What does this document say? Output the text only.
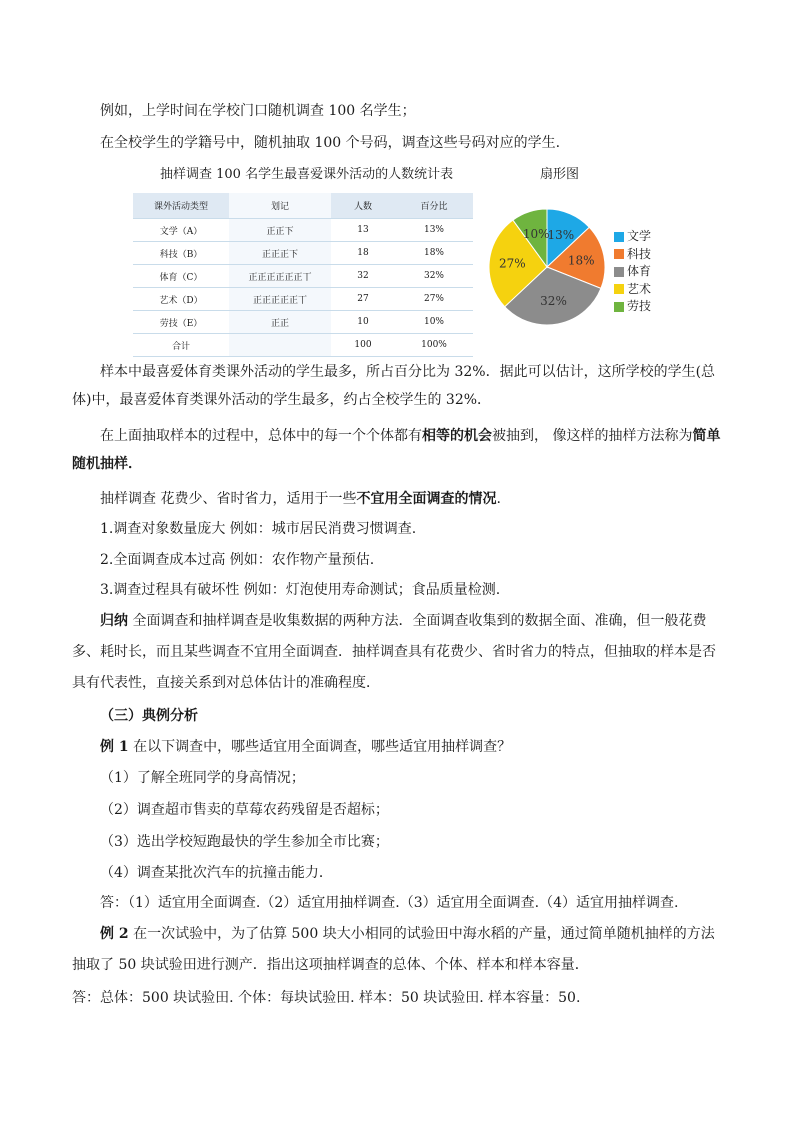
例如，上学时间在学校门口随机调查 100 名学生；
在全校学生的学籍号中，随机抽取 100 个号码，调查这些号码对应的学生.
抽样调查 100 名学生最喜爱课外活动的人数统计表	扇形图
课外活动类型	划记	人数	百分比
文学（A）	正正下	13	13%
科技（B）	正正正下	18	18%
体育（C）	正正正正正正丅	32	32%
艺术（D）	正正正正正丅	27	27%
劳技（E）	正正	10	10%
合计		100	100%
13%
18%
32%
27%
10%	文学
科技
体育
艺术
劳技
样本中最喜爱体育类课外活动的学生最多，所占百分比为 32%．据此可以估计，这所学校的学生(总体)中，最喜爱体育类课外活动的学生最多，约占全校学生的 32%．
在上面抽取样本的过程中，总体中的每一个个体都有相等的机会被抽到， 像这样的抽样方法称为简单随机抽样．
抽样调查 花费少、省时省力，适用于一些不宜用全面调查的情况.
1.调查对象数量庞大 例如：城市居民消费习惯调查.
2.全面调查成本过高 例如：农作物产量预估.
3.调查过程具有破坏性 例如：灯泡使用寿命测试；食品质量检测.
归纳 全面调查和抽样调查是收集数据的两种方法．全面调查收集到的数据全面、准确，但一般花费多、耗时长，而且某些调查不宜用全面调查．抽样调查具有花费少、省时省力的特点，但抽取的样本是否具有代表性，直接关系到对总体估计的准确程度．
（三）典例分析
例 1 在以下调查中，哪些适宜用全面调查，哪些适宜用抽样调查？
（1）了解全班同学的身高情况；
（2）调查超市售卖的草莓农药残留是否超标；
（3）选出学校短跑最快的学生参加全市比赛；
（4）调查某批次汽车的抗撞击能力．
答：（1）适宜用全面调查.（2）适宜用抽样调查.（3）适宜用全面调查.（4）适宜用抽样调查.
例 2 在一次试验中，为了估算 500 块大小相同的试验田中海水稻的产量，通过简单随机抽样的方法抽取了 50 块试验田进行测产．指出这项抽样调查的总体、个体、样本和样本容量．
答：总体：500 块试验田. 个体：每块试验田. 样本：50 块试验田. 样本容量：50.
